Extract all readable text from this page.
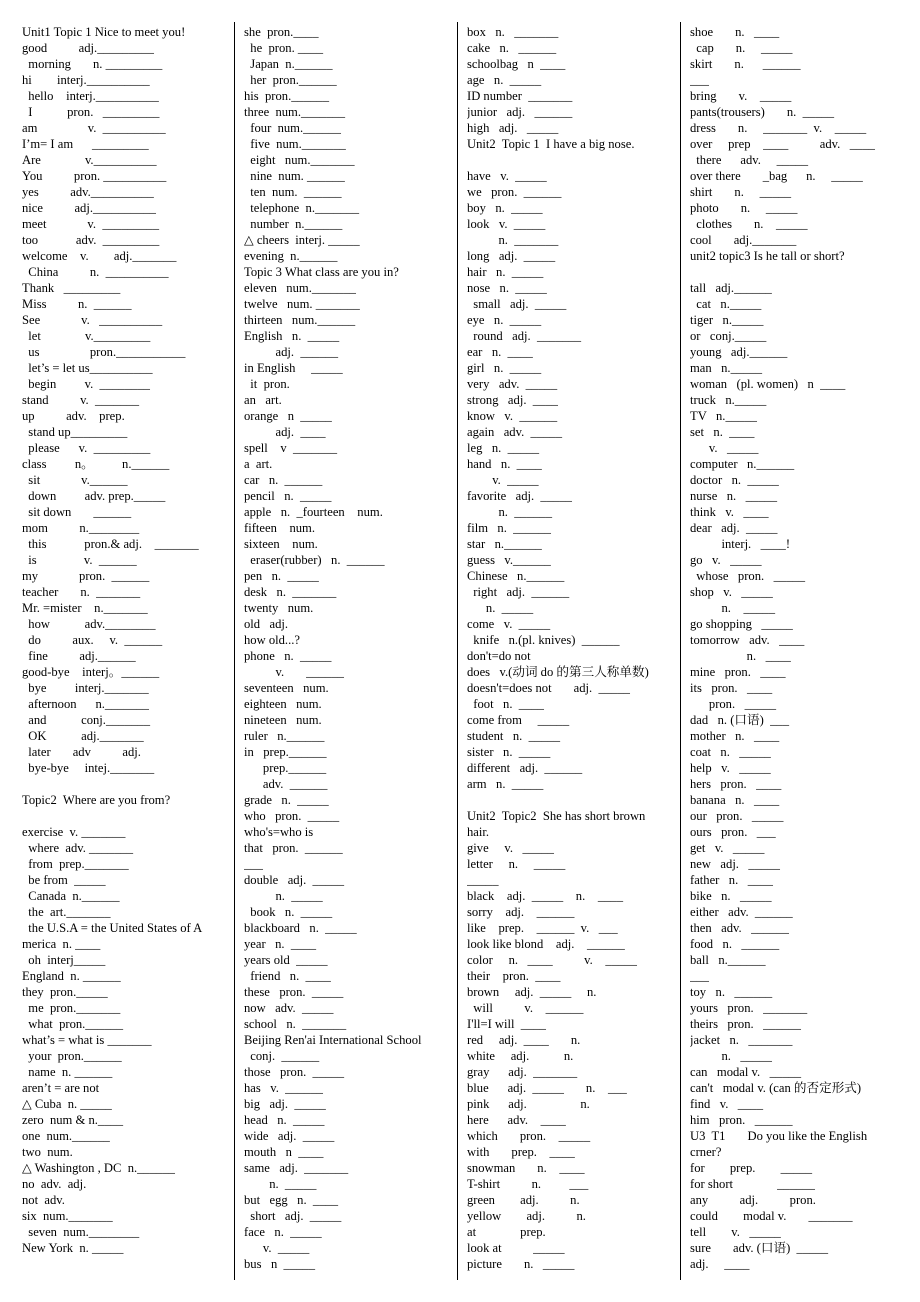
Unit1 Topic 1 Nice to meet you!
good          adj._________
morning       n. _________
hi        interj.__________
hello    interj.__________
I           pron.   _________
am                v.  __________
I’m= I am      _________
Are              v.__________
You          pron. __________
yes          adv.__________
nice          adj.__________
meet             v.  _________
too            adv.  _________
welcome    v.        adj._______
China          n.  __________
Thank   _________
Miss          n.  ______
See             v.   __________
let              v._________
us                pron.___________
let’s = let us__________
begin         v.  ________
stand          v.  _______
up          adv.    prep.
stand up_________
please      v.  _________
class         n。         n.______
sit             v.______
down         adv. prep._____
sit down       ______
mom          n.________
this            pron.& adj.    _______
is               v.  ______
my             pron.  ______
teacher       n.  _______
Mr. =mister    n._______
how           adv.________
do          aux.     v.  ______
fine          adj.______
good-bye    interj。______
bye         interj._______
afternoon      n._______
and           conj._______
OK           adj._______
later       adv          adj.
bye-bye     intej._______
Topic2  Where are you from?
exercise  v. _______
where  adv. _______
from  prep._______
be from  _____
Canada  n.______
the  art._______
the U.S.A = the United States of A
merica  n. ____
oh  interj_____
England  n. ______
they  pron._____
me  pron._______
what  pron.______
what’s = what is _______
your  pron.______
name  n. ______
aren’t = are not
△ Cuba  n. _____
zero  num & n.____
one  num.______
two  num.
△ Washington , DC  n.______
no  adv.  adj.
not  adv.
six  num._______
seven  num.________
New York  n. _____
she  pron.____
he  pron. ____
Japan  n.______
her  pron.______
his  pron.______
three  num._______
four  num.______
five  num._______
eight   num._______
nine  num. ______
ten  num.  ______
telephone  n._______
number  n.______
△ cheers  interj. _____
evening  n.______
Topic 3 What class are you in?
eleven   num._______
twelve   num. _______
thirteen   num.______
English   n.  _____
adj.  ______
in English     _____
it  pron.
an   art.
orange   n  _____
adj.  ____
spell    v  _______
a  art.
car   n.  ______
pencil   n.  _____
apple   n.  _fourteen    num.
fifteen    num.
sixteen    num.
eraser(rubber)   n.  ______
pen   n.  _____
desk   n.  _______
twenty   num.
old   adj.
how old...?
phone   n.  _____
v.       ______
seventeen   num.
eighteen   num.
nineteen   num.
ruler   n.______
in   prep.______
prep.______
adv.  ______
grade   n.  _____
who   pron.  _____
who's=who is
that   pron.  ______
___
double   adj.  _____
n.  _____
book   n.  _____
blackboard   n.  _____
year   n.  ____
years old  _____
friend   n.  ____
these   pron.  _____
now   adv.  _____
school   n.  _______
Beijing Ren'ai International School
conj.  ______
those   pron.  _____
has   v.  ______
big   adj.  _____
head   n.  _____
wide   adj.  _____
mouth   n  ____
same   adj.  _______
n.  _____
but   egg   n.  ____
short   adj.  _____
face   n.  _____
v.  _____
bus   n  _____
box   n.   _______
cake   n.   ______
schoolbag   n  ____
age   n.  _____
ID number  _______
junior   adj.   ______
high   adj.   _____
Unit2  Topic 1  I have a big nose.
have   v.  _____
we   pron.  ______
boy   n.  _____
look   v.  _____
n.  _______
long   adj.  _____
hair   n.  _____
nose   n.  _____
small   adj.  _____
eye   n.  _____
round   adj.  _______
ear   n.  ____
girl   n.  _____
very   adv.  _____
strong   adj.  ____
know   v.  ______
again   adv.  _____
leg   n.  _____
hand   n.  ____
v.  _____
favorite   adj.  _____
n.  ______
film   n.  ______
star   n.______
guess   v.______
Chinese   n.______
right   adj.  ______
n.  _____
come   v.  _____
knife   n.(pl. knives)  ______
don't=do not
does   v.(动词 do 的第三人称单数)
doesn't=does not       adj.  _____
foot   n.  ____
come from     _____
student   n.  _____
sister   n.  _____
different   adj.  ______
arm   n.  _____
Unit2  Topic2  She has short brown
hair.
give     v.   _____
letter     n.     _____
_____
black    adj.  _____    n.    ____
sorry    adj.    ______
like    prep.    ______  v.   ___
look like blond    adj.    ______
color     n.   ____          v.    _____
their    pron.  ____
brown     adj.  _____     n.
will          v.    ______
I'll=I will  ____
red     adj.  ____       n.
white     adj.           n.
gray      adj.  _______
blue      adj.  _____       n.    ___
pink      adj.                 n.
here      adv.    ____
which       pron.    _____
with       prep.    ____
snowman       n.    ____
T-shirt          n.         ___
green        adj.          n.
yellow        adj.          n.
at              prep.
look at          _____
picture       n.   _____
shoe       n.   ____
cap       n.     _____
skirt       n.      ______
___
bring       v.    _____
pants(trousers)       n.  _____
dress       n.     _______  v.    _____
over     prep    ____          adv.   ____
there      adv.     _____
over there       _bag      n.     _____
shirt       n.     _____
photo       n.     _____
clothes       n.    _____
cool       adj._______
unit2 topic3 Is he tall or short?
tall   adj.______
cat   n._____
tiger   n._____
or   conj._____
young   adj.______
man   n._____
woman   (pl. women)   n  ____
truck   n._____
TV   n._____
set   n.  ____
v.   _____
computer   n.______
doctor   n.  _____
nurse   n.   _____
think   v.   ____
dear   adj.  _____
interj.   ____!
go   v.   _____
whose   pron.   _____
shop   v.   _____
n.    _____
go shopping   _____
tomorrow   adv.   ____
n.   ____
mine   pron.   ____
its   pron.   ____
pron.   _____
dad   n. (口语)  ___
mother   n.   ____
coat   n.   _____
help   v.   _____
hers   pron.   ____
banana   n.   ____
our   pron.   _____
ours   pron.   ___
get   v.   _____
new   adj.   _____
father   n.   ____
bike   n.   _____
either   adv.  ______
then   adv.   ______
food   n.   ______
ball   n.______
___
toy   n.   ______
yours   pron.   _______
theirs   pron.   ______
jacket   n.   _______
n.   _____
can   modal v.   _____
can't   modal v. (can 的否定形式)
find   v.   ____
him   pron.   ______
U3  T1       Do you like the English
crner?
for        prep.        _____
for short              ______
any          adj.          pron.
could        modal v.       _______
tell        v.   _____
sure       adv. (口语)  _____
adj.     ____
